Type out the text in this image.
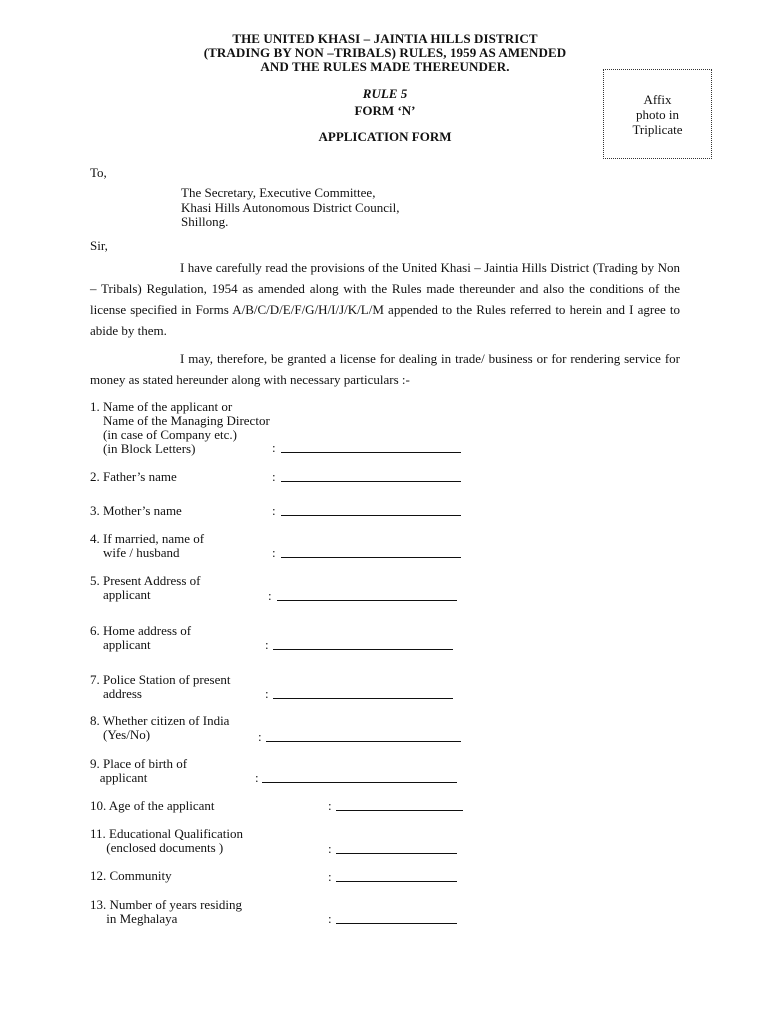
THE UNITED KHASI – JAINTIA HILLS DISTRICT
(TRADING BY NON –TRIBALS) RULES, 1959 AS AMENDED
AND THE RULES MADE THEREUNDER.
RULE 5
FORM ‘N’
APPLICATION FORM
Affix
photo in
Triplicate
To,
The Secretary, Executive Committee,
Khasi Hills Autonomous District Council,
Shillong.
Sir,
I have carefully read the provisions of the United Khasi – Jaintia Hills District (Trading by Non – Tribals) Regulation, 1954 as amended along with the Rules made thereunder and also the conditions of the license specified in Forms A/B/C/D/E/F/G/H/I/J/K/L/M appended to the Rules referred to herein and I agree to abide by them.
I may, therefore, be granted a license for dealing in trade/ business or for rendering service for money as stated hereunder along with necessary particulars :-
1. Name of the applicant or
Name of the Managing Director
(in case of Company etc.)
(in Block Letters)	:
2. Father’s name	:
3. Mother’s name	:
4. If married, name of
wife / husband	:
5. Present Address of
applicant	:
6. Home address of
applicant	:
7. Police Station of present
address	:
8. Whether citizen of India
(Yes/No)	:
9. Place of birth of
applicant	:
10. Age of the applicant	:
11. Educational Qualification
(enclosed documents )	:
12. Community	:
13. Number of years residing
in Meghalaya	:
